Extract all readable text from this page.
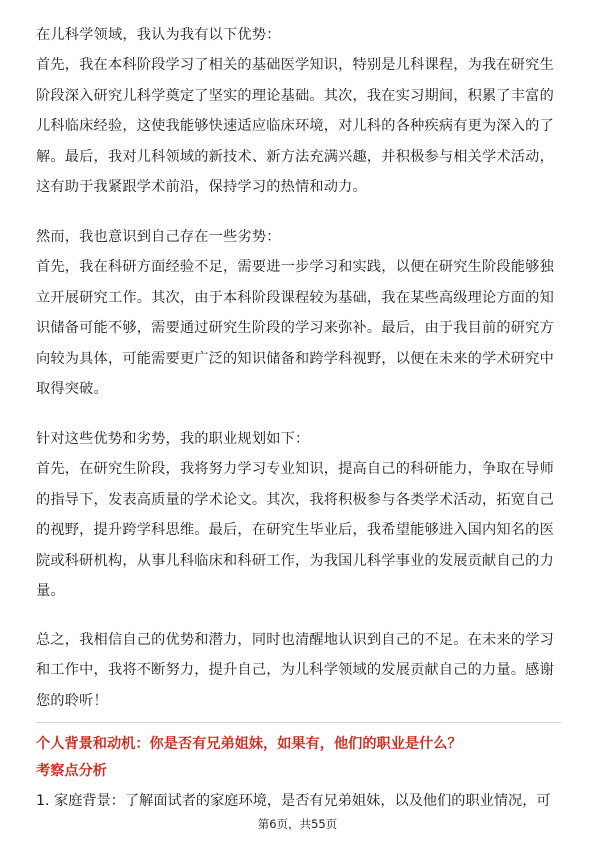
在儿科学领域，我认为我有以下优势：

首先，我在本科阶段学习了相关的基础医学知识，特别是儿科课程，为我在研究生

阶段深入研究儿科学奠定了坚实的理论基础。其次，我在实习期间，积累了丰富的

儿科临床经验，这使我能够快速适应临床环境，对儿科的各种疾病有更为深入的了

解。最后，我对儿科领域的新技术、新方法充满兴趣，并积极参与相关学术活动，

这有助于我紧跟学术前沿，保持学习的热情和动力。

然而，我也意识到自己存在一些劣势：

首先，我在科研方面经验不足，需要进一步学习和实践，以便在研究生阶段能够独

立开展研究工作。其次，由于本科阶段课程较为基础，我在某些高级理论方面的知

识储备可能不够，需要通过研究生阶段的学习来弥补。最后，由于我目前的研究方

向较为具体，可能需要更广泛的知识储备和跨学科视野，以便在未来的学术研究中

取得突破。

针对这些优势和劣势，我的职业规划如下：

首先，在研究生阶段，我将努力学习专业知识，提高自己的科研能力，争取在导师

的指导下，发表高质量的学术论文。其次，我将积极参与各类学术活动，拓宽自己

的视野，提升跨学科思维。最后，在研究生毕业后，我希望能够进入国内知名的医

院或科研机构，从事儿科临床和科研工作，为我国儿科学事业的发展贡献自己的力

量。

总之，我相信自己的优势和潜力，同时也清醒地认识到自己的不足。在未来的学习

和工作中，我将不断努力，提升自己，为儿科学领域的发展贡献自己的力量。感谢

您的聆听！

个人背景和动机：你是否有兄弟姐妹，如果有，他们的职业是什么？
考察点分析
1. 家庭背景：了解面试者的家庭环境，是否有兄弟姐妹，以及他们的职业情况，可
第6页，共55页
